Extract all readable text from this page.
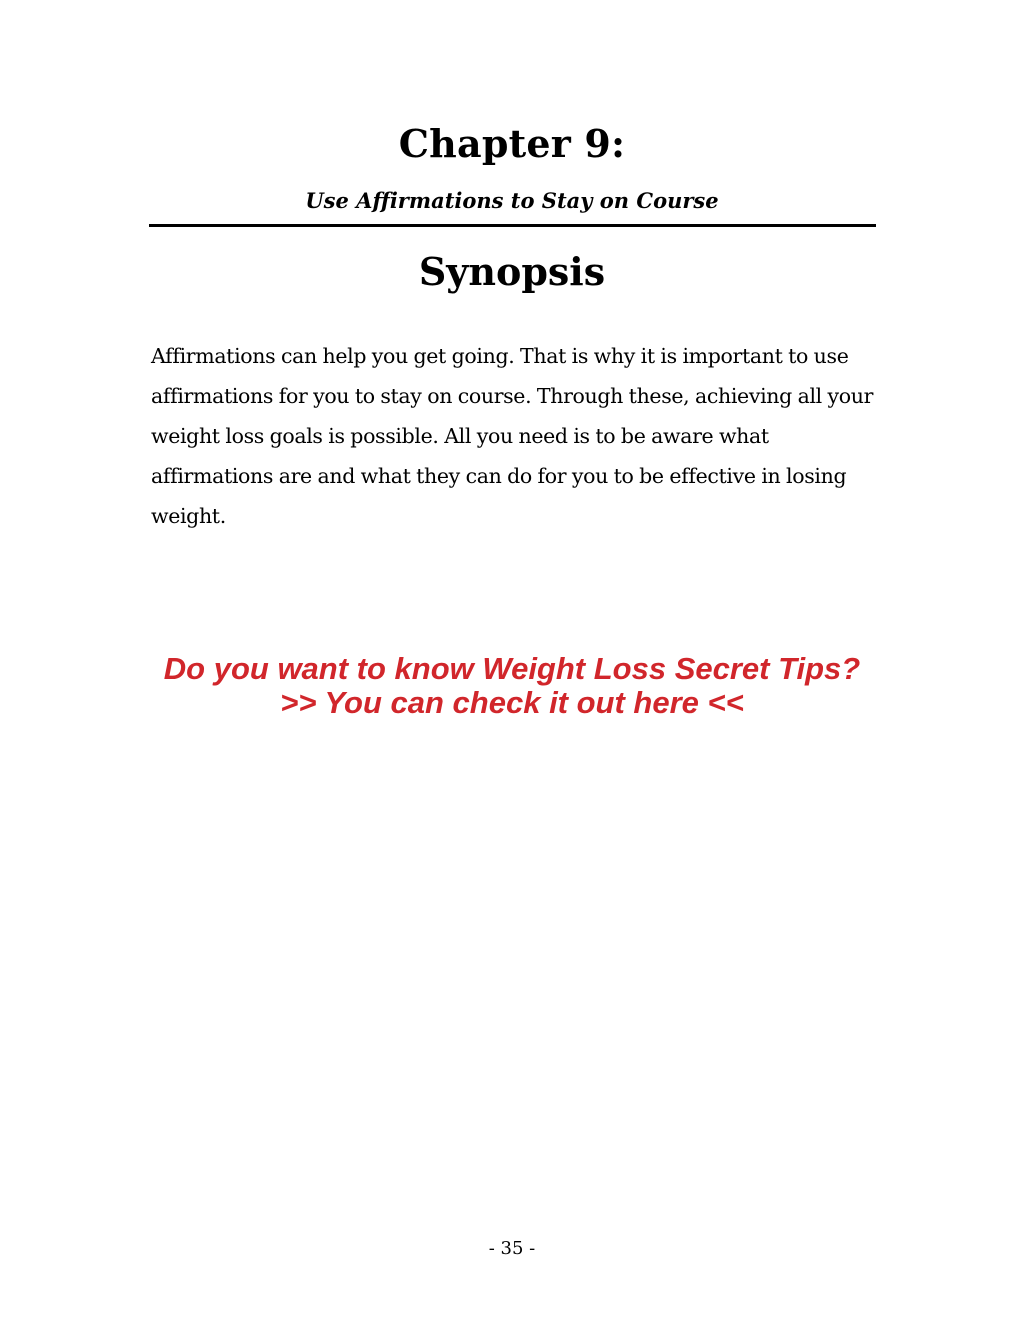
Chapter 9:
Use Affirmations to Stay on Course
Synopsis

Affirmations can help you get going. That is why it is important to use affirmations for you to stay on course. Through these, achieving all your weight loss goals is possible. All you need is to be aware what affirmations are and what they can do for you to be effective in losing weight.

Do you want to know Weight Loss Secret Tips?
>> You can check it out here <<
- 35 -
